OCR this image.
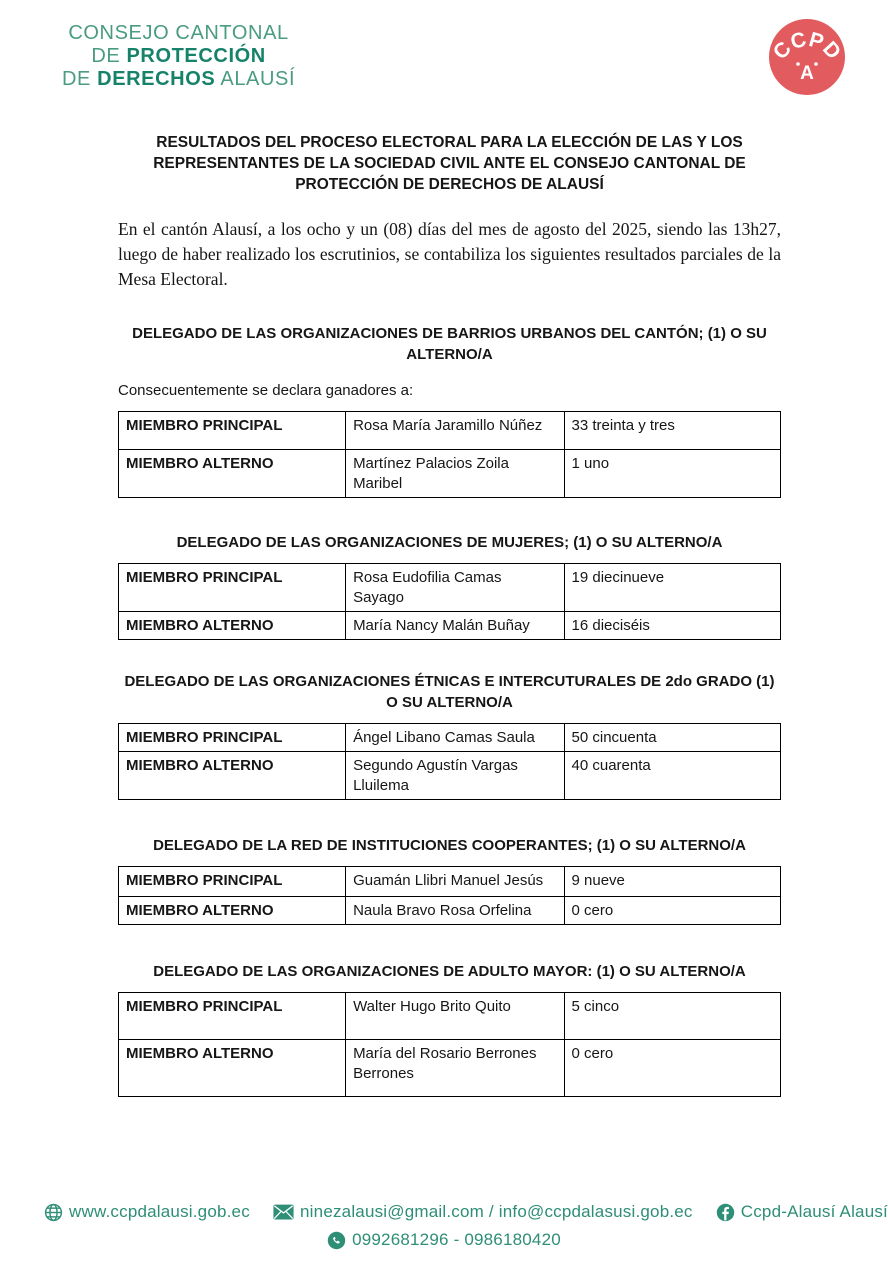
CONSEJO CANTONAL
DE PROTECCIÓN
DE DERECHOS ALAUSÍ
CCPD
A
RESULTADOS DEL PROCESO ELECTORAL PARA LA ELECCIÓN DE LAS Y LOS REPRESENTANTES DE LA SOCIEDAD CIVIL ANTE EL CONSEJO CANTONAL DE PROTECCIÓN DE DERECHOS DE ALAUSÍ

En el cantón Alausí, a los ocho y un (08) días del mes de agosto del 2025, siendo las 13h27, luego de haber realizado los escrutinios, se contabiliza los siguientes resultados parciales de la Mesa Electoral.

DELEGADO DE LAS ORGANIZACIONES DE BARRIOS URBANOS DEL CANTÓN; (1) O SU ALTERNO/A

Consecuentemente se declara ganadores a:

MIEMBRO PRINCIPAL	Rosa María Jaramillo Núñez	33 treinta y tres
MIEMBRO ALTERNO	Martínez Palacios Zoila Maribel	1 uno
DELEGADO DE LAS ORGANIZACIONES DE MUJERES; (1) O SU ALTERNO/A
MIEMBRO PRINCIPAL	Rosa Eudofilia Camas Sayago	19 diecinueve
MIEMBRO ALTERNO	María Nancy Malán Buñay	16 dieciséis
DELEGADO DE LAS ORGANIZACIONES ÉTNICAS E INTERCUTURALES DE 2do GRADO (1) O SU ALTERNO/A
MIEMBRO PRINCIPAL	Ángel Libano Camas Saula	50 cincuenta
MIEMBRO ALTERNO	Segundo Agustín Vargas Lluilema	40 cuarenta
DELEGADO DE LA RED DE INSTITUCIONES COOPERANTES; (1) O SU ALTERNO/A
MIEMBRO PRINCIPAL	Guamán Llibri Manuel Jesús	9 nueve
MIEMBRO ALTERNO	Naula Bravo Rosa Orfelina	0 cero
DELEGADO DE LAS ORGANIZACIONES DE ADULTO MAYOR: (1) O SU ALTERNO/A
MIEMBRO PRINCIPAL	Walter Hugo Brito Quito	5 cinco
MIEMBRO ALTERNO	María del Rosario Berrones Berrones	0 cero
www.ccpdalausi.gob.ec	ninezalausi@gmail.com / info@ccpdalasusi.gob.ec	Ccpd-Alausí Alausí
0992681296 - 0986180420
